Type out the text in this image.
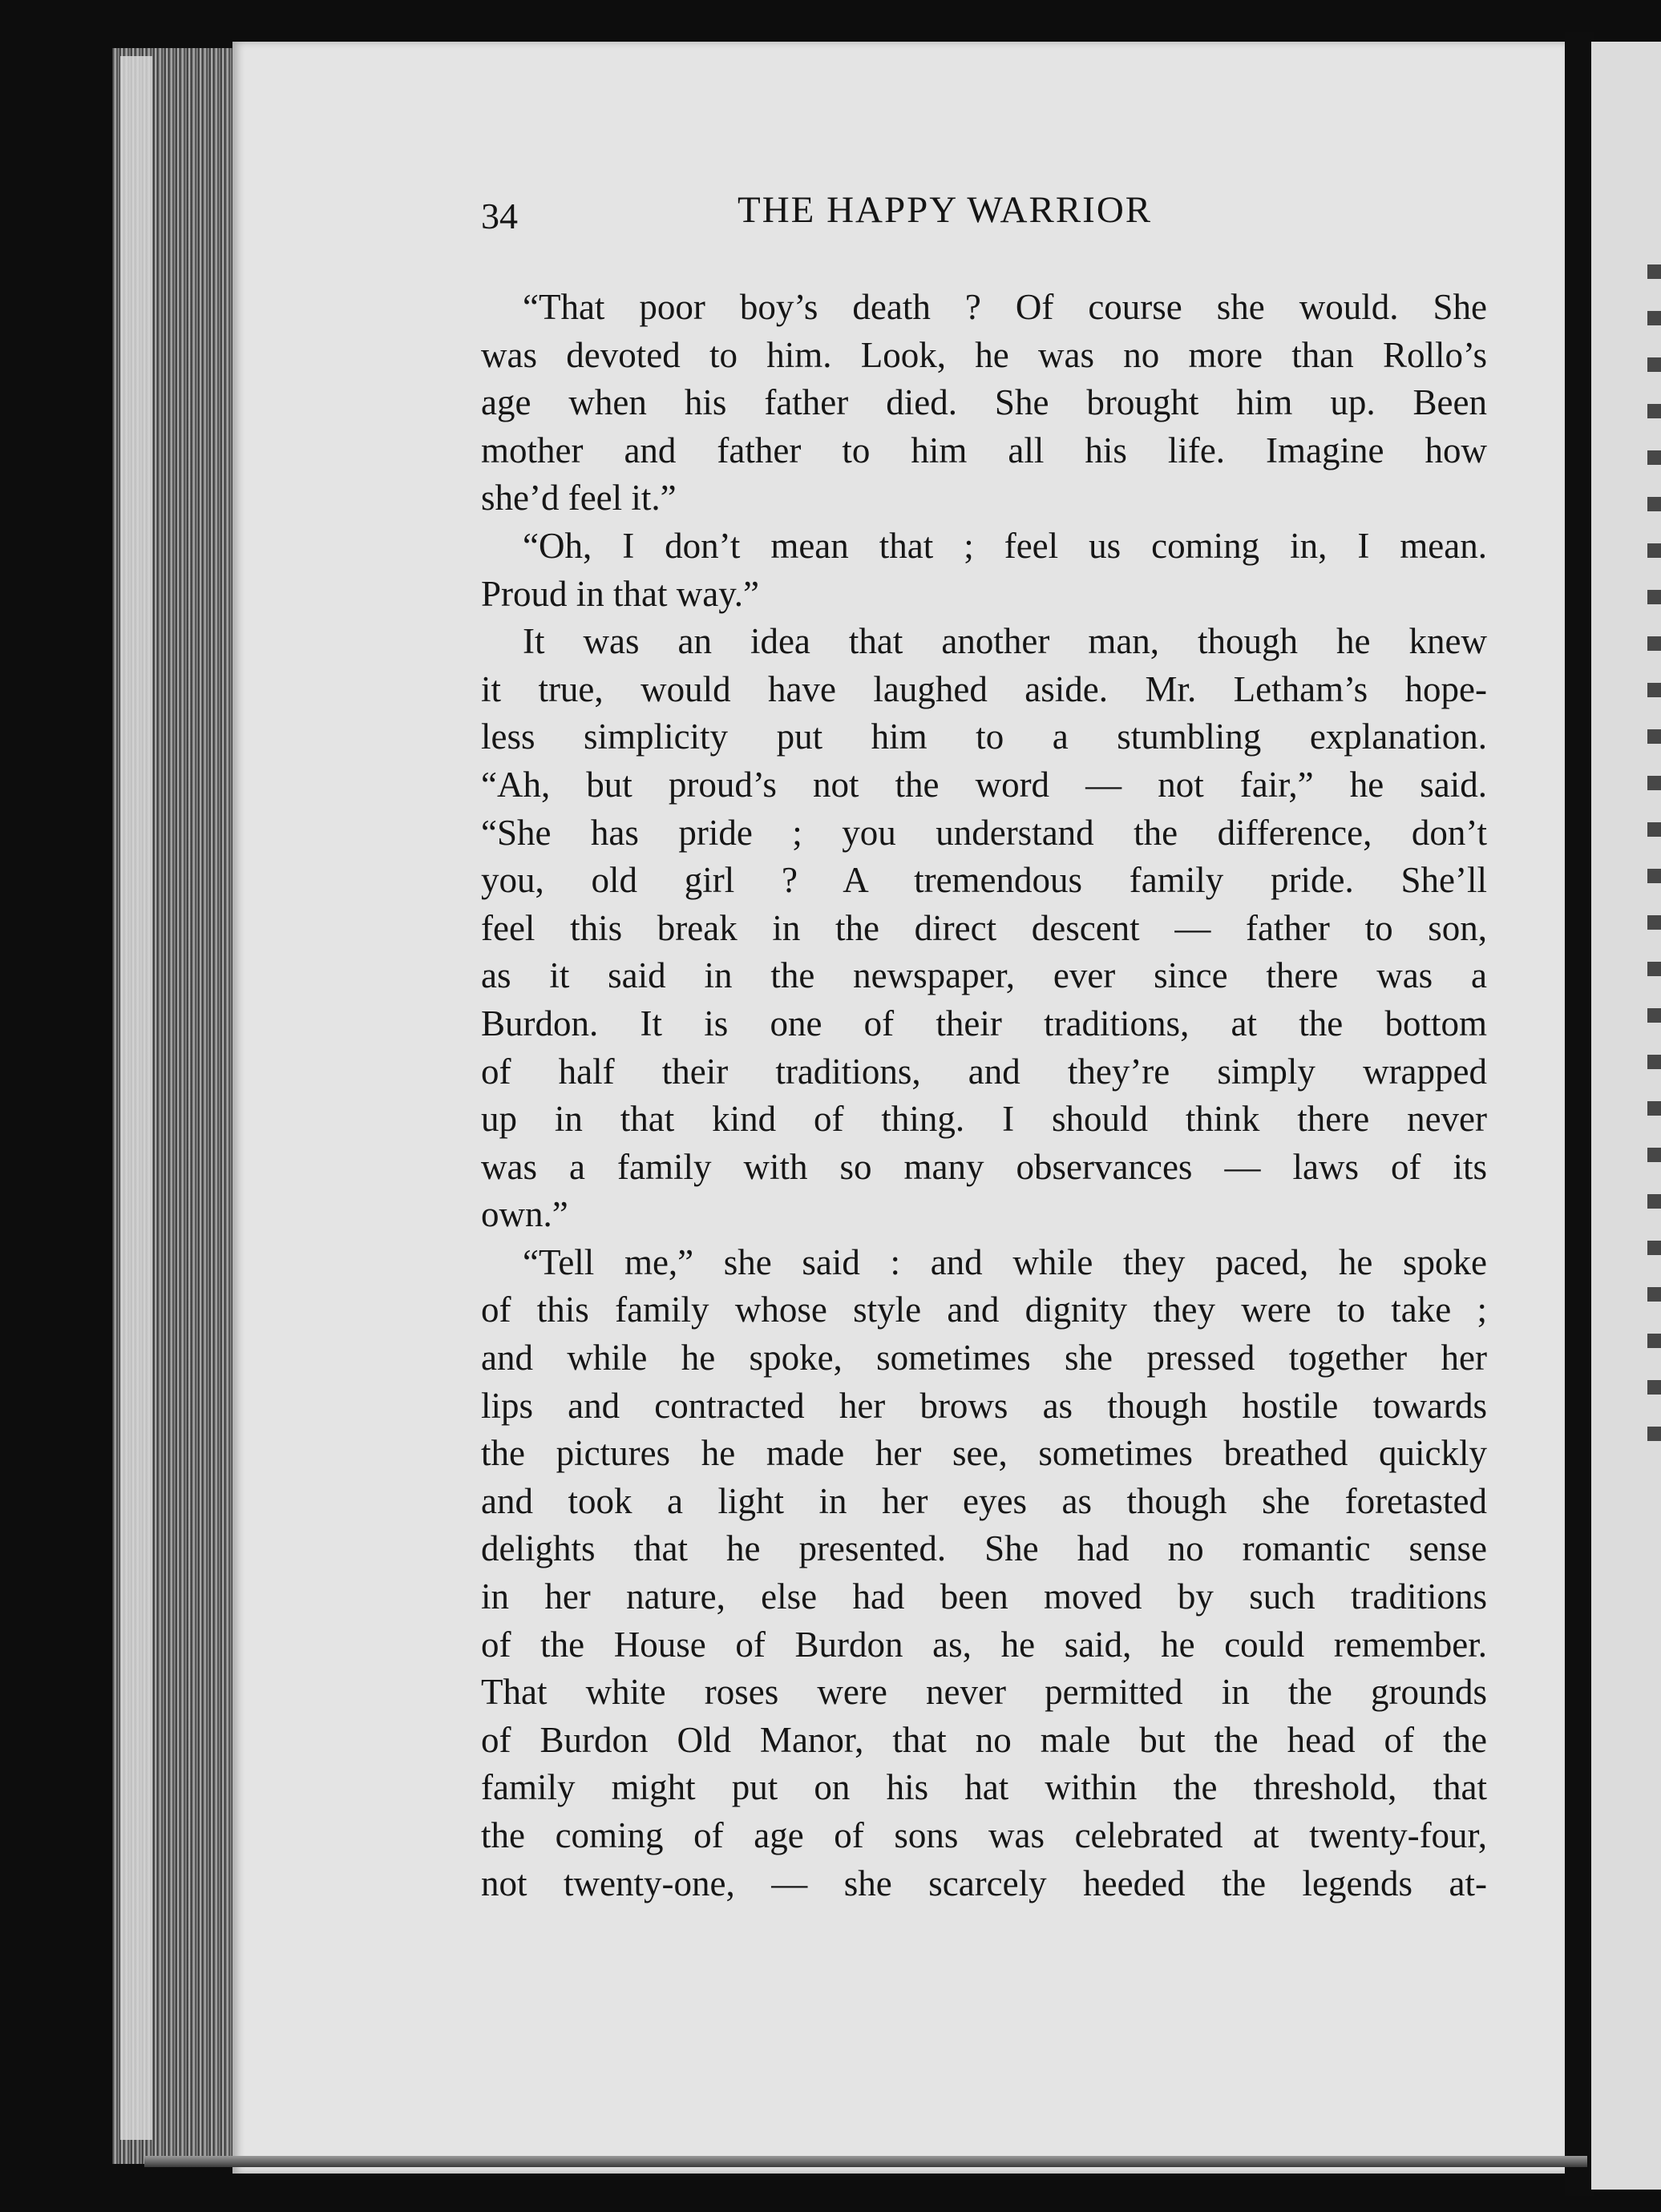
34	THE HAPPY WARRIOR
“That poor boy’s death ? Of course she would. She
was devoted to him. Look, he was no more than Rollo’s
age when his father died. She brought him up. Been
mother and father to him all his life. Imagine how
she’d feel it.”
“Oh, I don’t mean that ; feel us coming in, I mean.
Proud in that way.”
It was an idea that another man, though he knew
it true, would have laughed aside. Mr. Letham’s hope-
less simplicity put him to a stumbling explanation.
“Ah, but proud’s not the word — not fair,” he said.
“She has pride ; you understand the difference, don’t
you, old girl ? A tremendous family pride. She’ll
feel this break in the direct descent — father to son,
as it said in the newspaper, ever since there was a
Burdon. It is one of their traditions, at the bottom
of half their traditions, and they’re simply wrapped
up in that kind of thing. I should think there never
was a family with so many observances — laws of its
own.”
“Tell me,” she said : and while they paced, he spoke
of this family whose style and dignity they were to take ;
and while he spoke, sometimes she pressed together her
lips and contracted her brows as though hostile towards
the pictures he made her see, sometimes breathed quickly
and took a light in her eyes as though she foretasted
delights that he presented. She had no romantic sense
in her nature, else had been moved by such traditions
of the House of Burdon as, he said, he could remember.
That white roses were never permitted in the grounds
of Burdon Old Manor, that no male but the head of the
family might put on his hat within the threshold, that
the coming of age of sons was celebrated at twenty-four,
not twenty-one, — she scarcely heeded the legends at-
